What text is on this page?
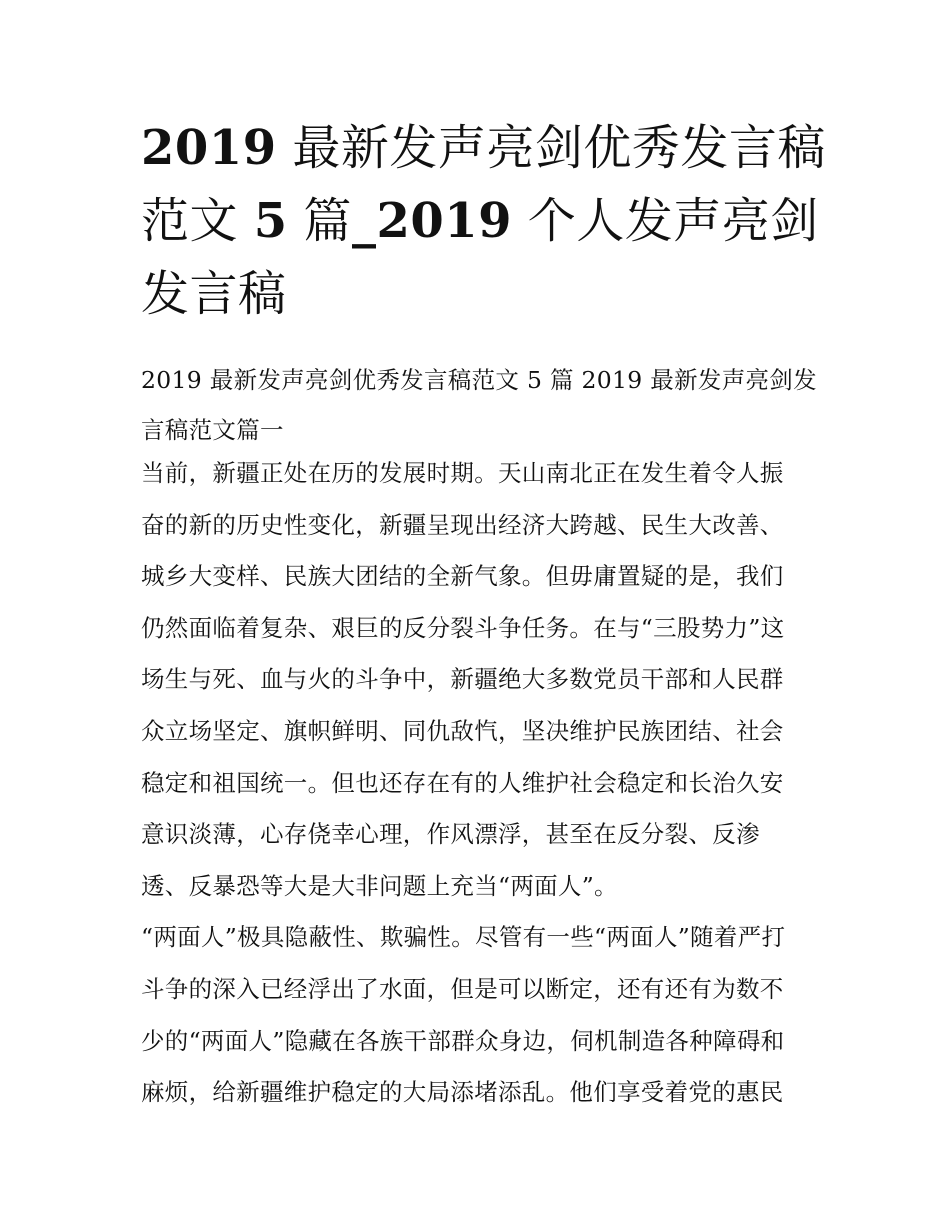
2019 最新发声亮剑优秀发言稿
范文 5 篇_2019 个人发声亮剑
发言稿
2019 最新发声亮剑优秀发言稿范文 5 篇 2019 最新发声亮剑发
言稿范文篇一
当前，新疆正处在历的发展时期。天山南北正在发生着令人振
奋的新的历史性变化，新疆呈现出经济大跨越、民生大改善、
城乡大变样、民族大团结的全新气象。但毋庸置疑的是，我们
仍然面临着复杂、艰巨的反分裂斗争任务。在与“三股势力”这
场生与死、血与火的斗争中，新疆绝大多数党员干部和人民群
众立场坚定、旗帜鲜明、同仇敌忾，坚决维护民族团结、社会
稳定和祖国统一。但也还存在有的人维护社会稳定和长治久安
意识淡薄，心存侥幸心理，作风漂浮，甚至在反分裂、反渗
透、反暴恐等大是大非问题上充当“两面人”。
“两面人”极具隐蔽性、欺骗性。尽管有一些“两面人”随着严打
斗争的深入已经浮出了水面，但是可以断定，还有还有为数不
少的“两面人”隐藏在各族干部群众身边，伺机制造各种障碍和
麻烦，给新疆维护稳定的大局添堵添乱。他们享受着党的惠民
